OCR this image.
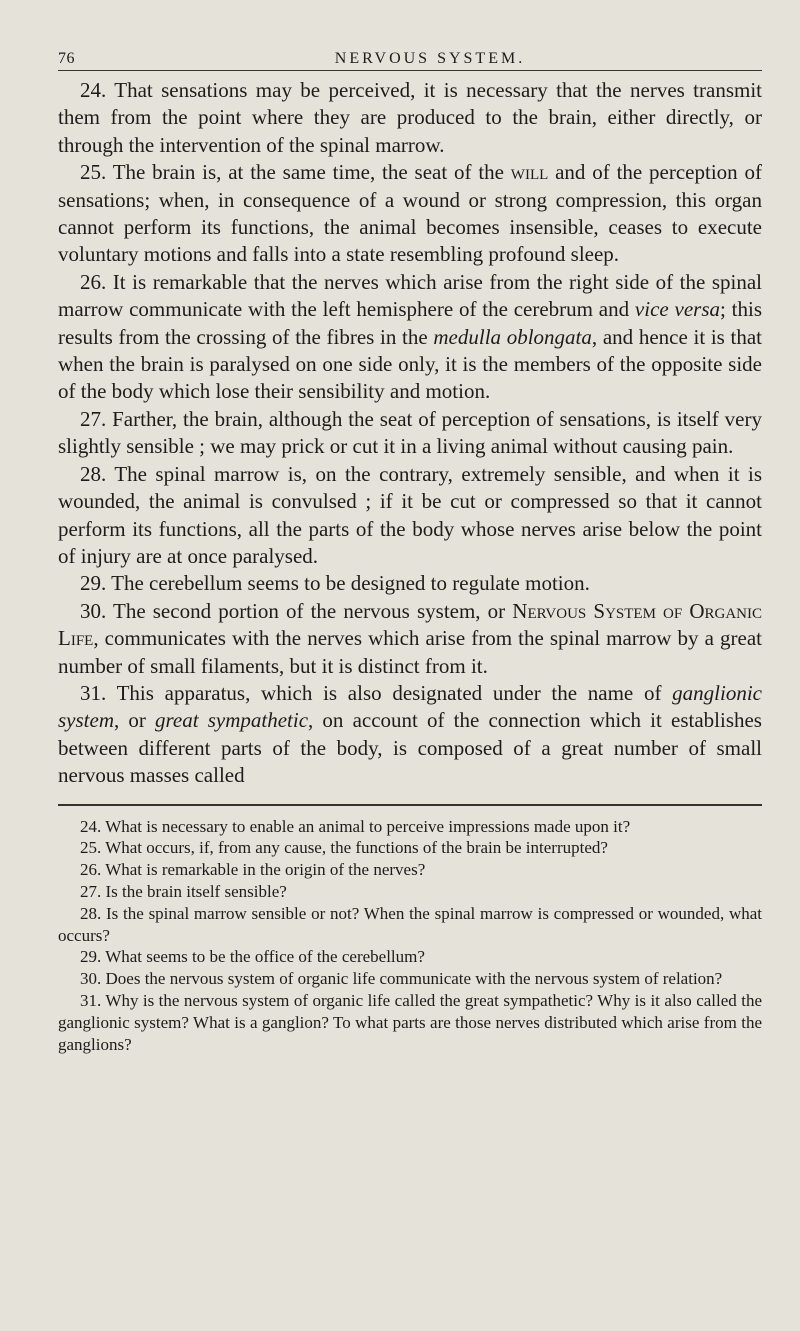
76	NERVOUS SYSTEM.

24. That sensations may be perceived, it is necessary that the nerves transmit them from the point where they are produced to the brain, either directly, or through the intervention of the spinal marrow.

25. The brain is, at the same time, the seat of the will and of the perception of sensations; when, in consequence of a wound or strong compression, this organ cannot perform its functions, the animal becomes insensible, ceases to execute voluntary motions and falls into a state resembling profound sleep.

26. It is remarkable that the nerves which arise from the right side of the spinal marrow communicate with the left hemisphere of the cerebrum and vice versa; this results from the crossing of the fibres in the medulla oblongata, and hence it is that when the brain is paralysed on one side only, it is the members of the opposite side of the body which lose their sensibility and motion.

27. Farther, the brain, although the seat of perception of sensations, is itself very slightly sensible ; we may prick or cut it in a living animal without causing pain.

28. The spinal marrow is, on the contrary, extremely sensible, and when it is wounded, the animal is convulsed ; if it be cut or compressed so that it cannot perform its functions, all the parts of the body whose nerves arise below the point of injury are at once paralysed.

29. The cerebellum seems to be designed to regulate motion.

30. The second portion of the nervous system, or Nervous System of Organic Life, communicates with the nerves which arise from the spinal marrow by a great number of small filaments, but it is distinct from it.

31. This apparatus, which is also designated under the name of ganglionic system, or great sympathetic, on account of the connection which it establishes between different parts of the body, is composed of a great number of small nervous masses called

24. What is necessary to enable an animal to perceive impressions made upon it?

25. What occurs, if, from any cause, the functions of the brain be interrupted?

26. What is remarkable in the origin of the nerves?

27. Is the brain itself sensible?

28. Is the spinal marrow sensible or not? When the spinal marrow is compressed or wounded, what occurs?

29. What seems to be the office of the cerebellum?

30. Does the nervous system of organic life communicate with the nervous system of relation?

31. Why is the nervous system of organic life called the great sympathetic? Why is it also called the ganglionic system? What is a ganglion? To what parts are those nerves distributed which arise from the ganglions?
